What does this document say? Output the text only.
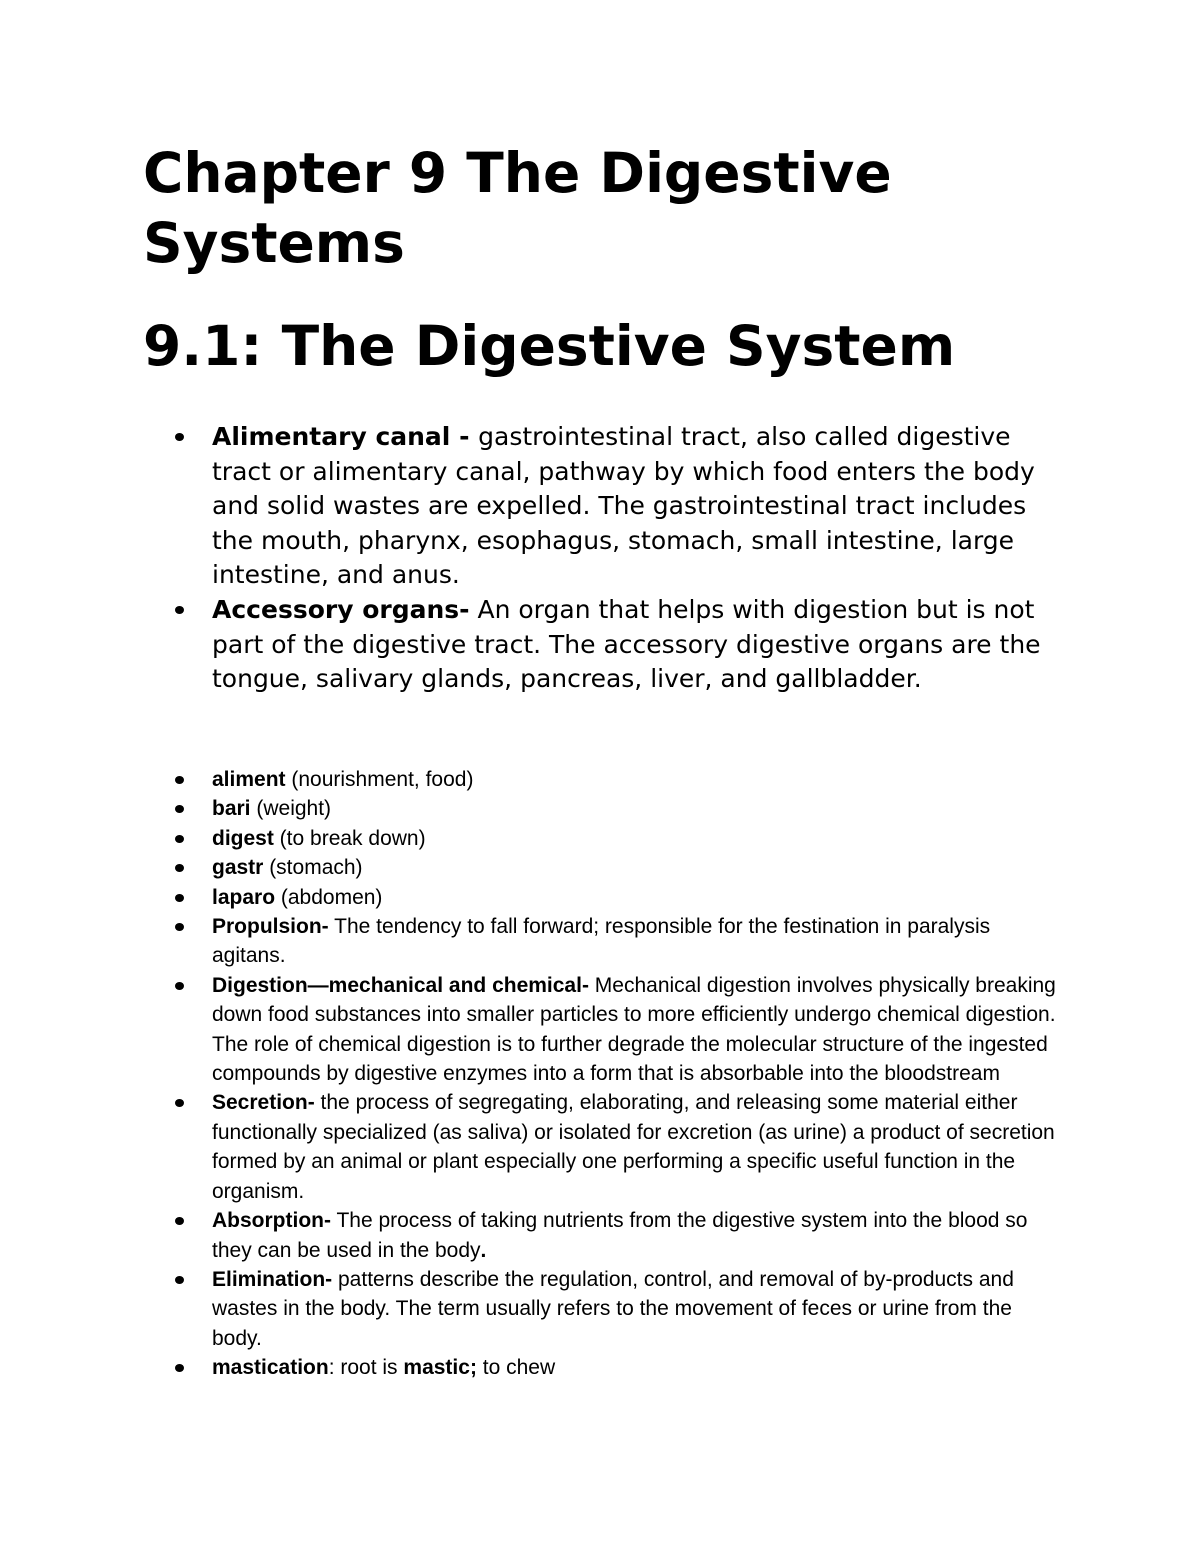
Chapter 9 The Digestive Systems
9.1: The Digestive System
Alimentary canal - gastrointestinal tract, also called digestive tract or alimentary canal, pathway by which food enters the body and solid wastes are expelled. The gastrointestinal tract includes the mouth, pharynx, esophagus, stomach, small intestine, large intestine, and anus.
Accessory organs- An organ that helps with digestion but is not part of the digestive tract. The accessory digestive organs are the tongue, salivary glands, pancreas, liver, and gallbladder.
aliment (nourishment, food)
bari (weight)
digest (to break down)
gastr (stomach)
laparo (abdomen)
Propulsion- The tendency to fall forward; responsible for the festination in paralysis agitans.
Digestion—mechanical and chemical- Mechanical digestion involves physically breaking down food substances into smaller particles to more efficiently undergo chemical digestion. The role of chemical digestion is to further degrade the molecular structure of the ingested compounds by digestive enzymes into a form that is absorbable into the bloodstream
Secretion- the process of segregating, elaborating, and releasing some material either functionally specialized (as saliva) or isolated for excretion (as urine) a product of secretion formed by an animal or plant especially one performing a specific useful function in the organism.
Absorption- The process of taking nutrients from the digestive system into the blood so they can be used in the body.
Elimination- patterns describe the regulation, control, and removal of by-products and wastes in the body. The term usually refers to the movement of feces or urine from the body.
mastication: root is mastic; to chew
